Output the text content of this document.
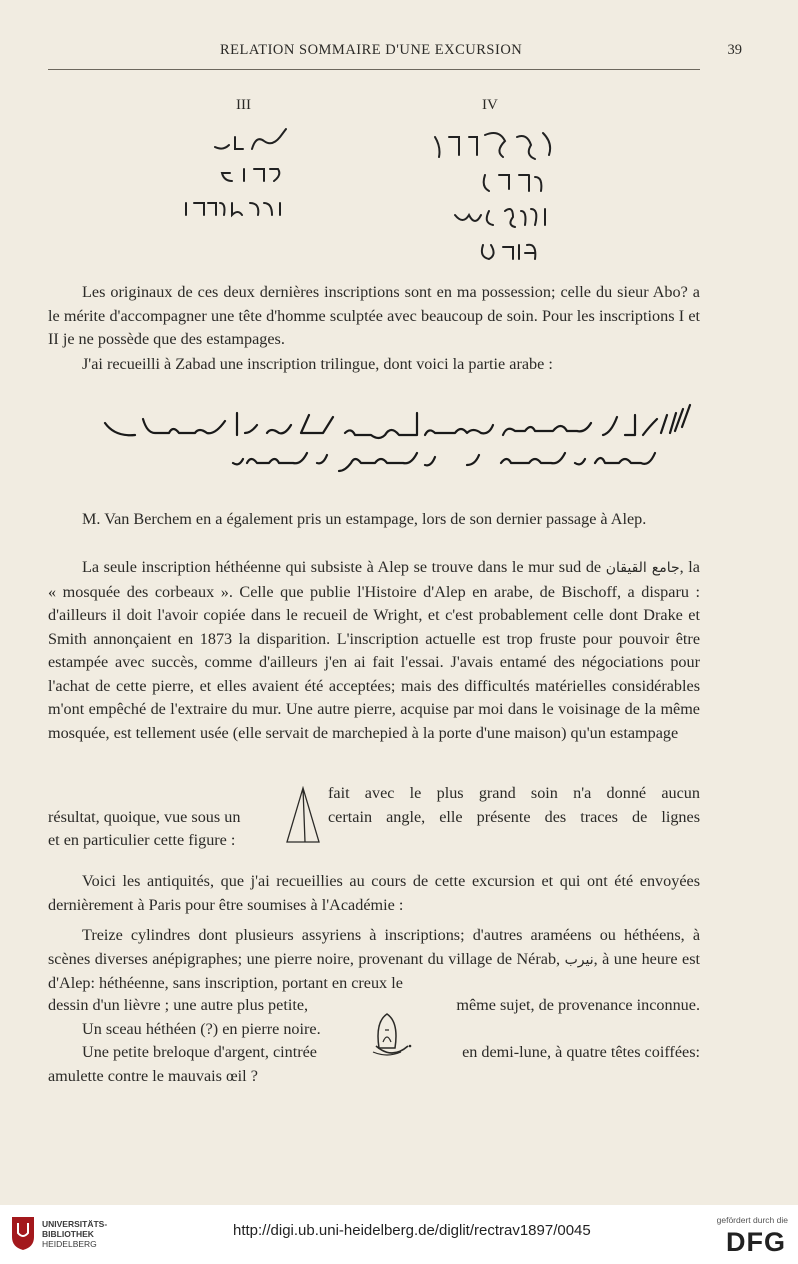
RELATION SOMMAIRE D'UNE EXCURSION	39
III	IV

Les originaux de ces deux dernières inscriptions sont en ma possession; celle du sieur Abo? a le mérite d'accompagner une tête d'homme sculptée avec beaucoup de soin. Pour les inscriptions I et II je ne possède que des estampages.

J'ai recueilli à Zabad une inscription trilingue, dont voici la partie arabe :

M. Van Berchem en a également pris un estampage, lors de son dernier passage à Alep.

La seule inscription héthéenne qui subsiste à Alep se trouve dans le mur sud de جامع القيقان, la « mosquée des corbeaux ». Celle que publie l'Histoire d'Alep en arabe, de Bischoff, a disparu : d'ailleurs il doit l'avoir copiée dans le recueil de Wright, et c'est probablement celle dont Drake et Smith annonçaient en 1873 la disparition. L'inscription actuelle est trop fruste pour pouvoir être estampée avec succès, comme d'ailleurs j'en ai fait l'essai. J'avais entamé des négociations pour l'achat de cette pierre, et elles avaient été acceptées; mais des difficultés matérielles considérables m'ont empêché de l'extraire du mur. Une autre pierre, acquise par moi dans le voisinage de la même mosquée, est tellement usée (elle servait de marchepied à la porte d'une maison) qu'un estampage

fait avec le plus grand soin n'a donné aucun
résultat, quoique, vue sous un	certain angle, elle présente des traces de lignes
et en particulier cette figure :

Voici les antiquités, que j'ai recueillies au cours de cette excursion et qui ont été envoyées dernièrement à Paris pour être soumises à l'Académie :

Treize cylindres dont plusieurs assyriens à inscriptions; d'autres araméens ou héthéens, à scènes diverses anépigraphes; une pierre noire, provenant du village de Nérab, نيرب, à une heure est d'Alep: héthéenne, sans inscription, portant en creux le

dessin d'un lièvre ; une autre plus petite,	même sujet, de provenance inconnue.
Un sceau héthéen (?) en pierre noire.
Une petite breloque d'argent, cintrée	en demi-lune, à quatre têtes coiffées:
amulette contre le mauvais œil ?
UNIVERSITÄTS-
BIBLIOTHEK
HEIDELBERG
http://digi.ub.uni-heidelberg.de/diglit/rectrav1897/0045
gefördert durch die
DFG
